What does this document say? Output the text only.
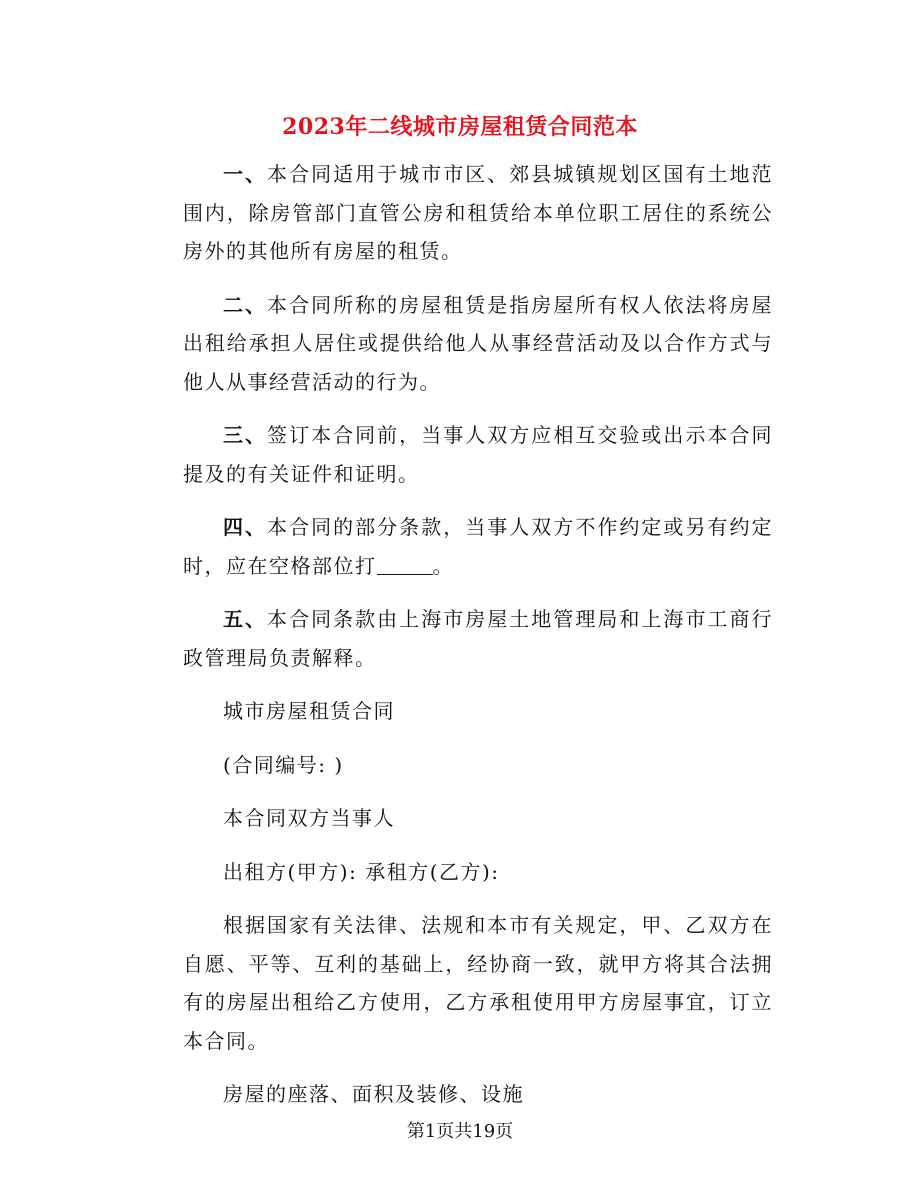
2023年二线城市房屋租赁合同范本

一、本合同适用于城市市区、郊县城镇规划区国有土地范围内，除房管部门直管公房和租赁给本单位职工居住的系统公房外的其他所有房屋的租赁。

二、本合同所称的房屋租赁是指房屋所有权人依法将房屋出租给承担人居住或提供给他人从事经营活动及以合作方式与他人从事经营活动的行为。

三、签订本合同前，当事人双方应相互交验或出示本合同提及的有关证件和证明。

四、本合同的部分条款，当事人双方不作约定或另有约定时，应在空格部位打	。

五、本合同条款由上海市房屋土地管理局和上海市工商行政管理局负责解释。

城市房屋租赁合同

(合同编号: )

本合同双方当事人

出租方(甲方): 承租方(乙方):

根据国家有关法律、法规和本市有关规定，甲、乙双方在自愿、平等、互利的基础上，经协商一致，就甲方将其合法拥有的房屋出租给乙方使用，乙方承租使用甲方房屋事宜，订立本合同。

房屋的座落、面积及装修、设施

第1页共19页
